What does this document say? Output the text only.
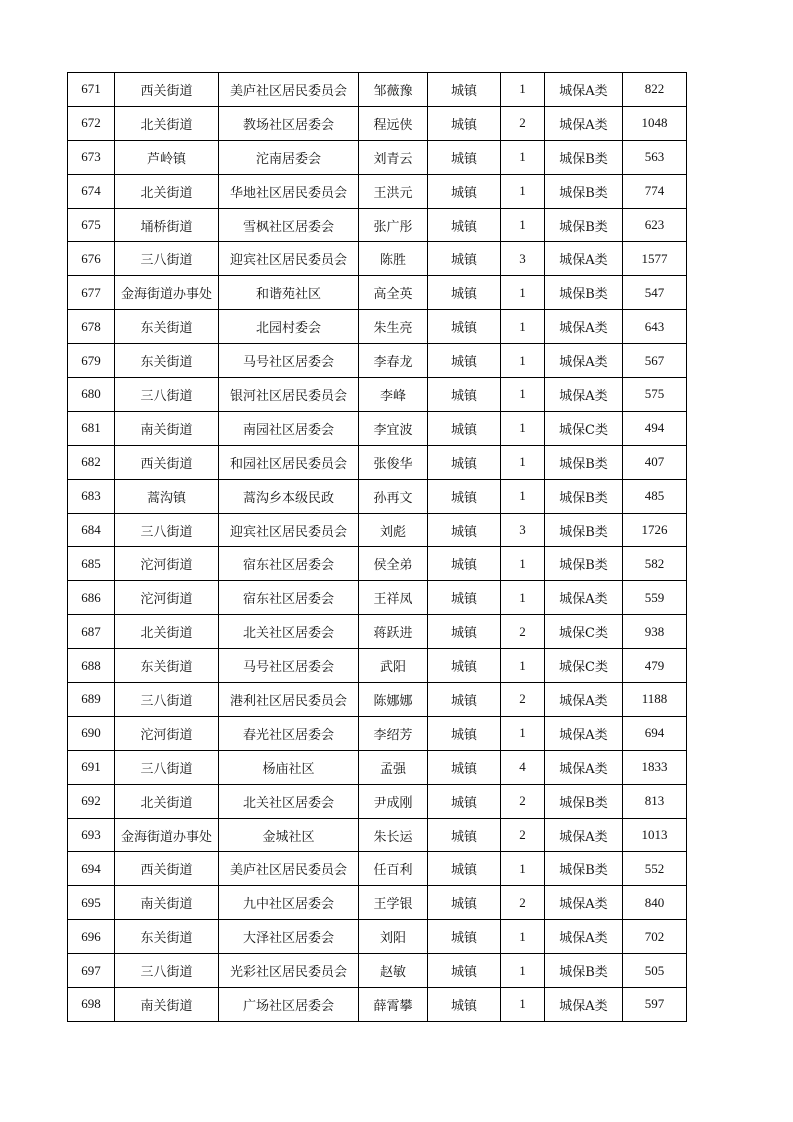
671	西关街道	美庐社区居民委员会	邹薇豫	城镇	1	城保A类	822
672	北关街道	教场社区居委会	程远侠	城镇	2	城保A类	1048
673	芦岭镇	沱南居委会	刘青云	城镇	1	城保B类	563
674	北关街道	华地社区居民委员会	王洪元	城镇	1	城保B类	774
675	埇桥街道	雪枫社区居委会	张广彤	城镇	1	城保B类	623
676	三八街道	迎宾社区居民委员会	陈胜	城镇	3	城保A类	1577
677	金海街道办事处	和谐苑社区	高全英	城镇	1	城保B类	547
678	东关街道	北园村委会	朱生亮	城镇	1	城保A类	643
679	东关街道	马号社区居委会	李春龙	城镇	1	城保A类	567
680	三八街道	银河社区居民委员会	李峰	城镇	1	城保A类	575
681	南关街道	南园社区居委会	李宜波	城镇	1	城保C类	494
682	西关街道	和园社区居民委员会	张俊华	城镇	1	城保B类	407
683	蒿沟镇	蒿沟乡本级民政	孙再文	城镇	1	城保B类	485
684	三八街道	迎宾社区居民委员会	刘彪	城镇	3	城保B类	1726
685	沱河街道	宿东社区居委会	侯全弟	城镇	1	城保B类	582
686	沱河街道	宿东社区居委会	王祥凤	城镇	1	城保A类	559
687	北关街道	北关社区居委会	蒋跃进	城镇	2	城保C类	938
688	东关街道	马号社区居委会	武阳	城镇	1	城保C类	479
689	三八街道	港利社区居民委员会	陈娜娜	城镇	2	城保A类	1188
690	沱河街道	春光社区居委会	李绍芳	城镇	1	城保A类	694
691	三八街道	杨庙社区	孟强	城镇	4	城保A类	1833
692	北关街道	北关社区居委会	尹成刚	城镇	2	城保B类	813
693	金海街道办事处	金城社区	朱长运	城镇	2	城保A类	1013
694	西关街道	美庐社区居民委员会	任百利	城镇	1	城保B类	552
695	南关街道	九中社区居委会	王学银	城镇	2	城保A类	840
696	东关街道	大泽社区居委会	刘阳	城镇	1	城保A类	702
697	三八街道	光彩社区居民委员会	赵敏	城镇	1	城保B类	505
698	南关街道	广场社区居委会	薛霄攀	城镇	1	城保A类	597
